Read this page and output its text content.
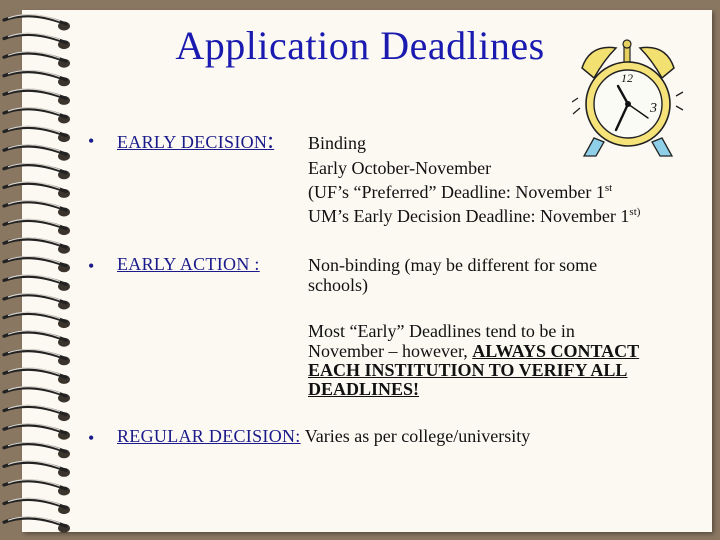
Application Deadlines
12
3
• EARLY DECISION: Binding
Early October-November
(UF’s “Preferred” Deadline: November 1st
UM’s Early Decision Deadline: November $1^{st)}$
• EARLY ACTION :	Non-binding (may be different for some
schools)
Most “Early” Deadlines tend to be in
November – however, ALWAYS CONTACT
EACH INSTITUTION TO VERIFY ALL
DEADLINES!
• REGULAR DECISION: Varies as per college/university
